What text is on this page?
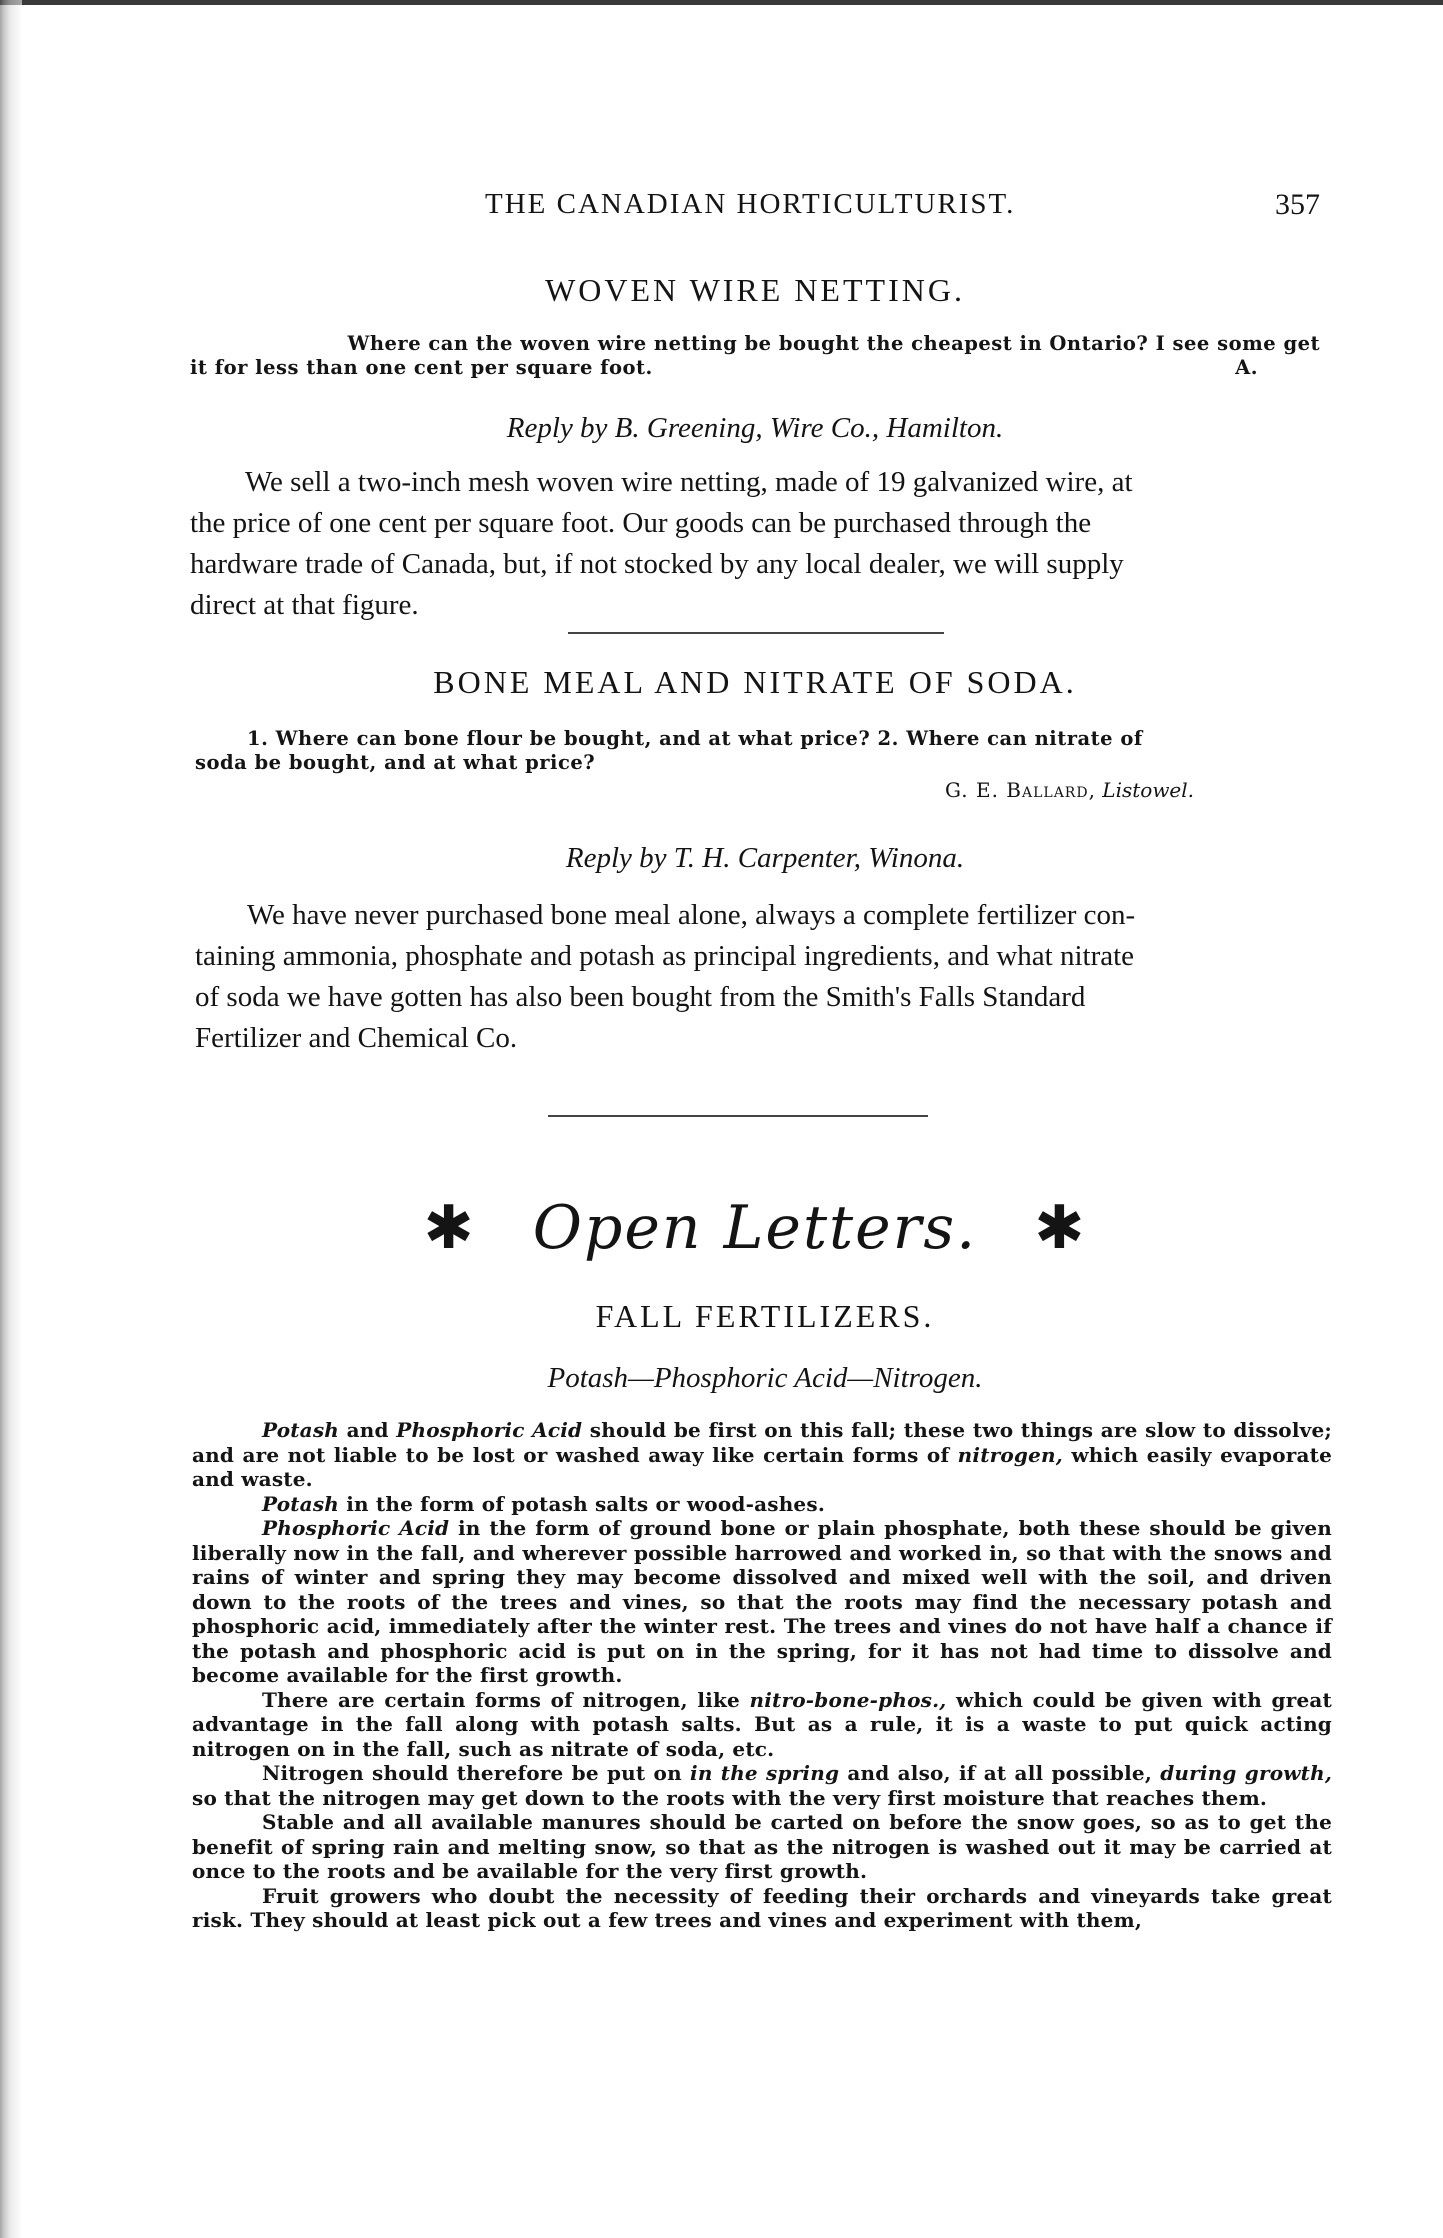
THE CANADIAN HORTICULTURIST.	357
WOVEN WIRE NETTING.
Where can the woven wire netting be bought the cheapest in Ontario? I see some get
it for less than one cent per square foot.	A.
Reply by B. Greening, Wire Co., Hamilton.
We sell a two-inch mesh woven wire netting, made of 19 galvanized wire, at
the price of one cent per square foot. Our goods can be purchased through the
hardware trade of Canada, but, if not stocked by any local dealer, we will supply
direct at that figure.
BONE MEAL AND NITRATE OF SODA.
1. Where can bone flour be bought, and at what price? 2. Where can nitrate of
soda be bought, and at what price?
G. E. Ballard, Listowel.
Reply by T. H. Carpenter, Winona.
We have never purchased bone meal alone, always a complete fertilizer con-
taining ammonia, phosphate and potash as principal ingredients, and what nitrate
of soda we have gotten has also been bought from the Smith's Falls Standard
Fertilizer and Chemical Co.
✱ Open Letters. ✱
FALL FERTILIZERS.
Potash—Phosphoric Acid—Nitrogen.

Potash and Phosphoric Acid should be first on this fall; these two things are slow to dissolve; and are not liable to be lost or washed away like certain forms of nitrogen, which easily evaporate and waste.

Potash in the form of potash salts or wood-ashes.

Phosphoric Acid in the form of ground bone or plain phosphate, both these should be given liberally now in the fall, and wherever possible harrowed and worked in, so that with the snows and rains of winter and spring they may become dissolved and mixed well with the soil, and driven down to the roots of the trees and vines, so that the roots may find the necessary potash and phosphoric acid, immediately after the winter rest. The trees and vines do not have half a chance if the potash and phosphoric acid is put on in the spring, for it has not had time to dissolve and become available for the first growth.

There are certain forms of nitrogen, like nitro-bone-phos., which could be given with great advantage in the fall along with potash salts. But as a rule, it is a waste to put quick acting nitrogen on in the fall, such as nitrate of soda, etc.

Nitrogen should therefore be put on in the spring and also, if at all possible, during growth, so that the nitrogen may get down to the roots with the very first moisture that reaches them.

Stable and all available manures should be carted on before the snow goes, so as to get the benefit of spring rain and melting snow, so that as the nitrogen is washed out it may be carried at once to the roots and be available for the very first growth.

Fruit growers who doubt the necessity of feeding their orchards and vineyards take great risk. They should at least pick out a few trees and vines and experiment with them,
